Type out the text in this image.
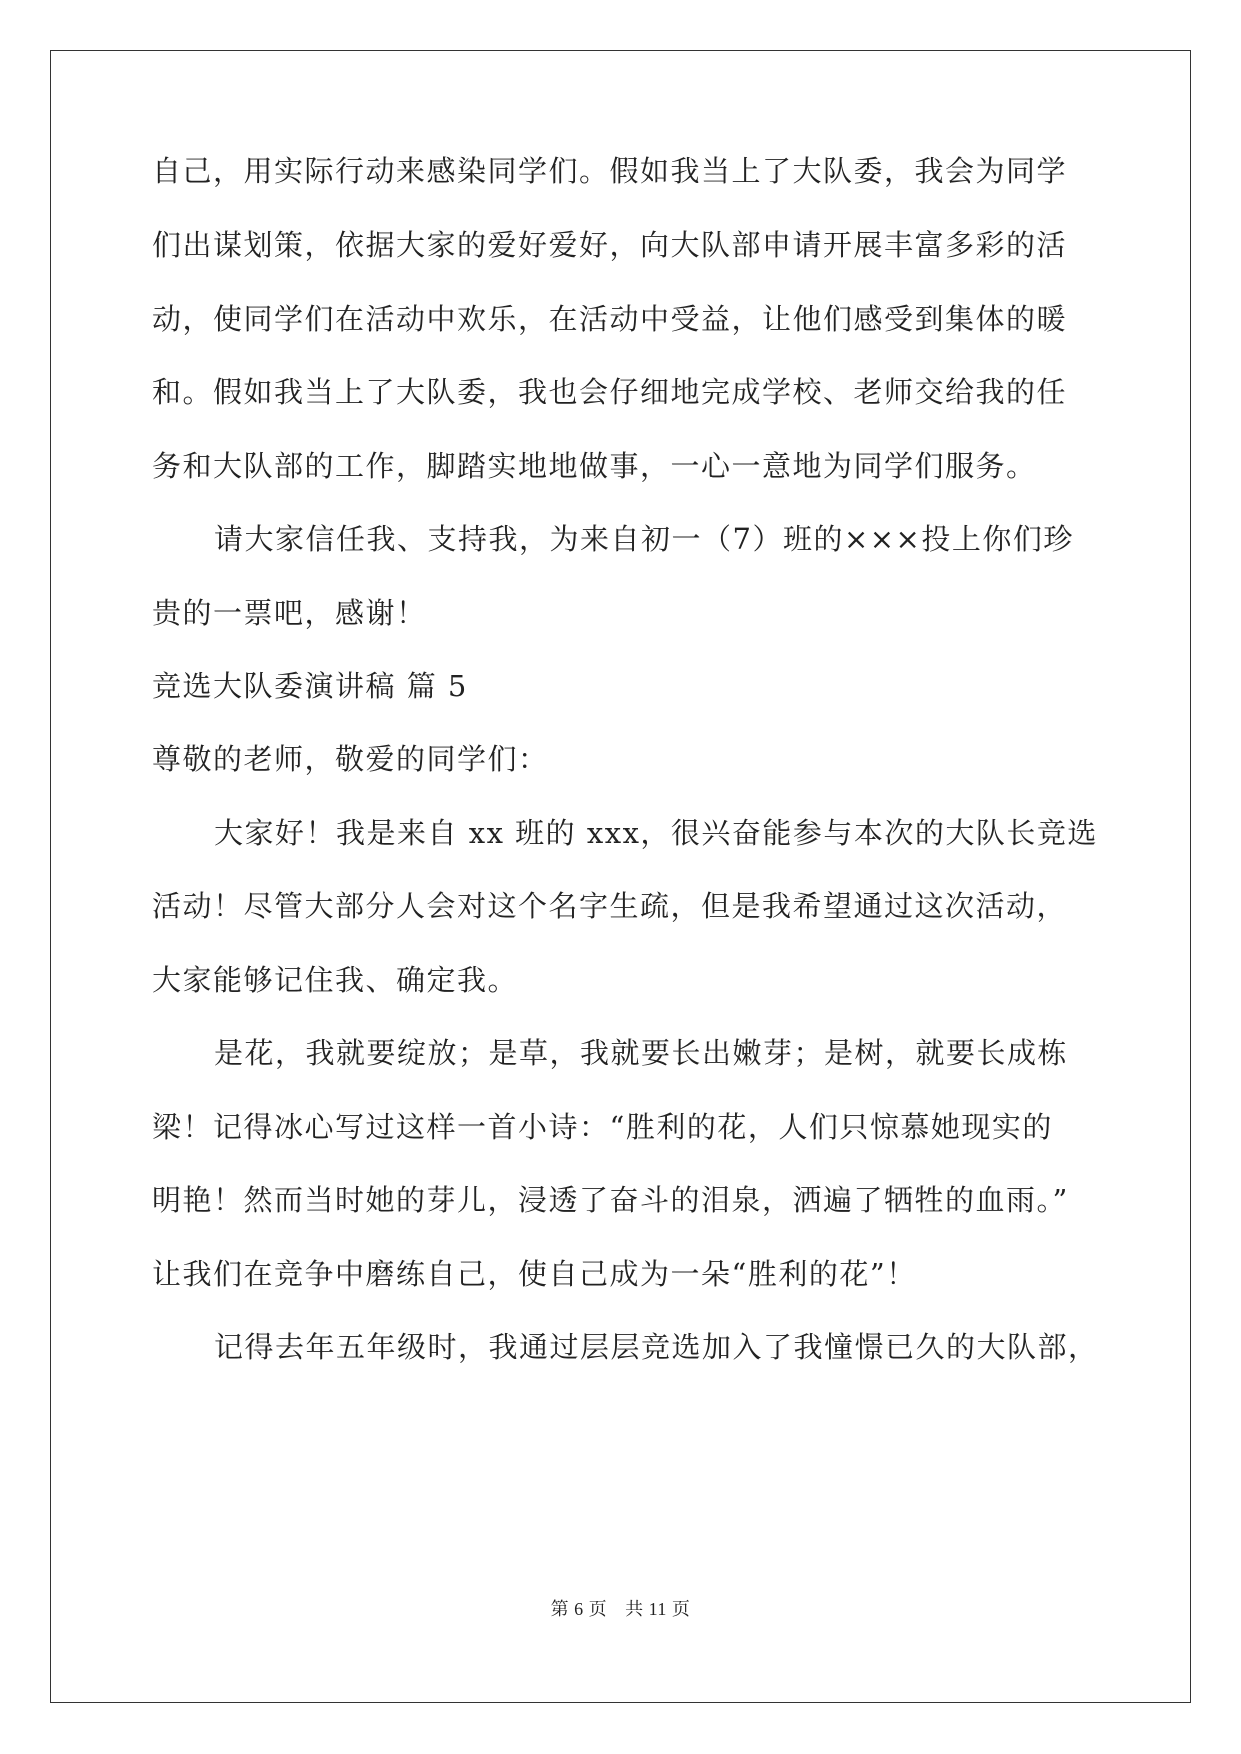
自己，用实际行动来感染同学们。假如我当上了大队委，我会为同学
们出谋划策，依据大家的爱好爱好，向大队部申请开展丰富多彩的活
动，使同学们在活动中欢乐，在活动中受益，让他们感受到集体的暖
和。假如我当上了大队委，我也会仔细地完成学校、老师交给我的任
务和大队部的工作，脚踏实地地做事，一心一意地为同学们服务。
请大家信任我、支持我，为来自初一（7）班的×××投上你们珍
贵的一票吧，感谢！
竞选大队委演讲稿 篇 5
尊敬的老师，敬爱的同学们：
大家好！我是来自 xx 班的 xxx，很兴奋能参与本次的大队长竞选
活动！尽管大部分人会对这个名字生疏，但是我希望通过这次活动，
大家能够记住我、确定我。
是花，我就要绽放；是草，我就要长出嫩芽；是树，就要长成栋
梁！记得冰心写过这样一首小诗：“胜利的花，人们只惊慕她现实的
明艳！然而当时她的芽儿，浸透了奋斗的泪泉，洒遍了牺牲的血雨。”
让我们在竞争中磨练自己，使自己成为一朵“胜利的花”！
记得去年五年级时，我通过层层竞选加入了我憧憬已久的大队部，
第 6 页 共 11 页
